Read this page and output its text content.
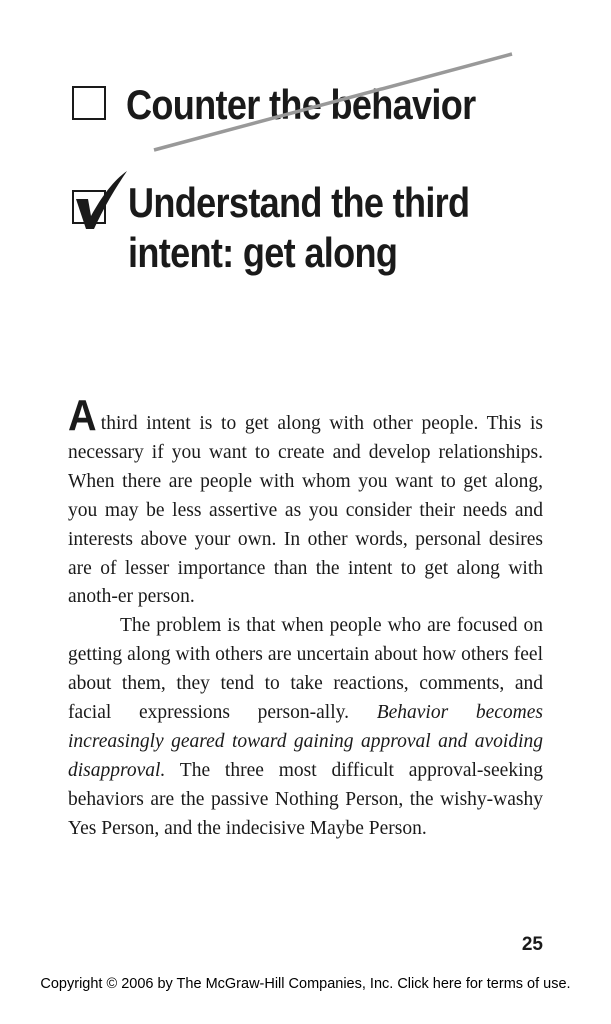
Counter the behavior
Understand the third
intent: get along

Athird intent is to get along with other people. This is necessary if you want to create and develop relationships. When there are people with whom you want to get along, you may be less assertive as you consider their needs and interests above your own. In other words, personal desires are of lesser importance than the intent to get along with anoth-er person.

The problem is that when people who are focused on getting along with others are uncertain about how others feel about them, they tend to take reactions, comments, and facial expressions person-ally. Behavior becomes increasingly geared toward gaining approval and avoiding disapproval. The three most difficult approval-seeking behaviors are the passive Nothing Person, the wishy-washy Yes Person, and the indecisive Maybe Person.

25
Copyright © 2006 by The McGraw-Hill Companies, Inc. Click here for terms of use.
